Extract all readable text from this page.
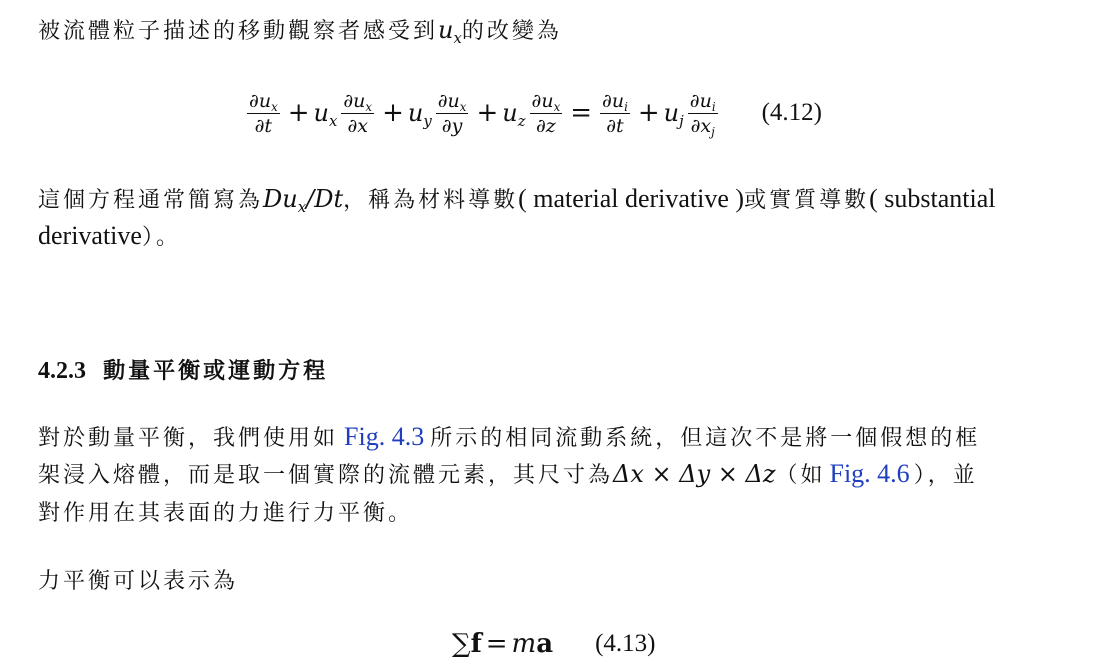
被流體粒子描述的移動觀察者感受到$u_x$的改變為
$\frac{\partial u_x}{\partial t} + u_x \frac{\partial u_x}{\partial x} + u_y \frac{\partial u_x}{\partial y} + u_z \frac{\partial u_x}{\partial z} = \frac{\partial u_i}{\partial t} + u_j \frac{\partial u_i}{\partial x_j} (4.12)$
這個方程通常簡寫為$Du_x/Dt$，稱為材料導數( material derivative )或實質導數( substantial
derivative）。
4.2.3 動量平衡或運動方程
對於動量平衡，我們使用如 Fig. 4.3 所示的相同流動系統，但這次不是將一個假想的框
架浸入熔體，而是取一個實際的流體元素，其尺寸為Δx × Δy × Δz（如 Fig. 4.6 ），並
對作用在其表面的力進行力平衡。
力平衡可以表示為
∑ f = m a (4.13)
